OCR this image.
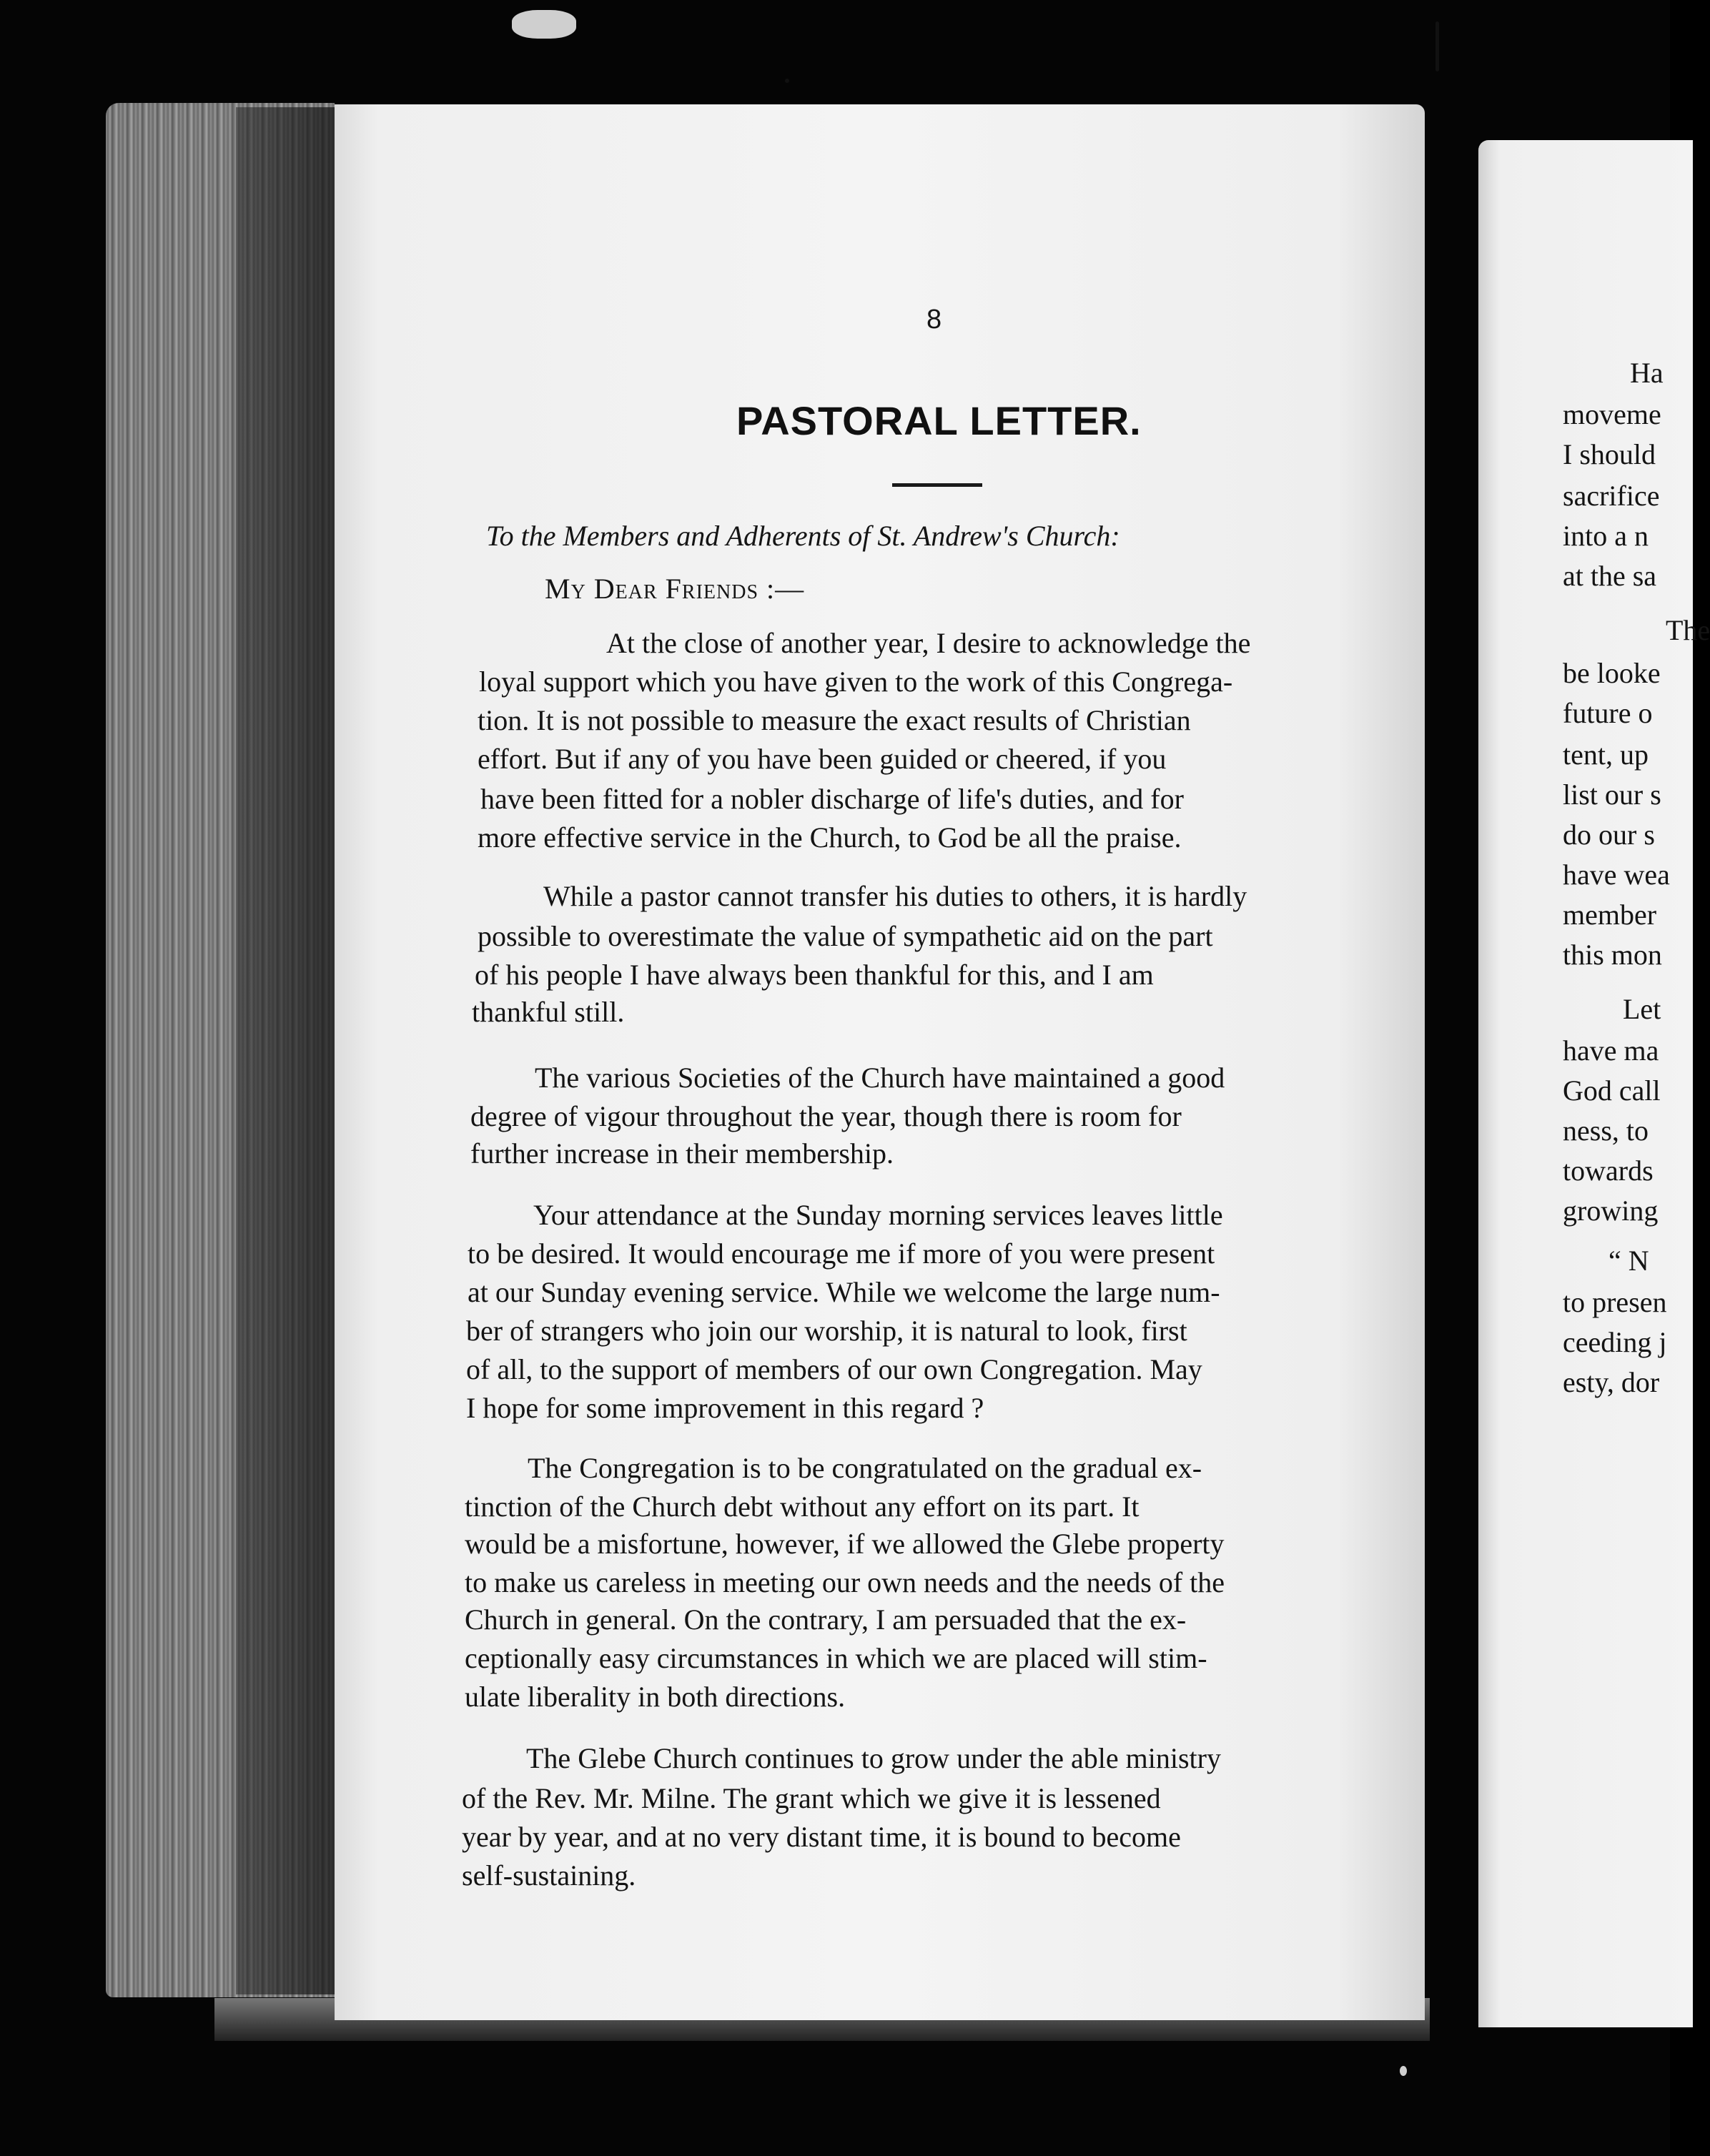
Ha
moveme
I should
sacrifice
into a n
at the sa
The
be looke
future o
tent, up
list our s
do our s
have wea
member
this mon
Let
have ma
God call
ness, to
towards
growing
“ N
to presen
ceeding j
esty, dor
8
PASTORAL LETTER.
To the Members and Adherents of St. Andrew's Church:
My Dear Friends :—
At the close of another year, I desire to acknowledge the
loyal support which you have given to the work of this Congrega-
tion. It is not possible to measure the exact results of Christian
effort. But if any of you have been guided or cheered, if you
have been fitted for a nobler discharge of life's duties, and for
more effective service in the Church, to God be all the praise.
While a pastor cannot transfer his duties to others, it is hardly
possible to overestimate the value of sympathetic aid on the part
of his people I have always been thankful for this, and I am
thankful still.
The various Societies of the Church have maintained a good
degree of vigour throughout the year, though there is room for
further increase in their membership.
Your attendance at the Sunday morning services leaves little
to be desired. It would encourage me if more of you were present
at our Sunday evening service. While we welcome the large num-
ber of strangers who join our worship, it is natural to look, first
of all, to the support of members of our own Congregation. May
I hope for some improvement in this regard ?
The Congregation is to be congratulated on the gradual ex-
tinction of the Church debt without any effort on its part. It
would be a misfortune, however, if we allowed the Glebe property
to make us careless in meeting our own needs and the needs of the
Church in general. On the contrary, I am persuaded that the ex-
ceptionally easy circumstances in which we are placed will stim-
ulate liberality in both directions.
The Glebe Church continues to grow under the able ministry
of the Rev. Mr. Milne. The grant which we give it is lessened
year by year, and at no very distant time, it is bound to become
self-sustaining.
